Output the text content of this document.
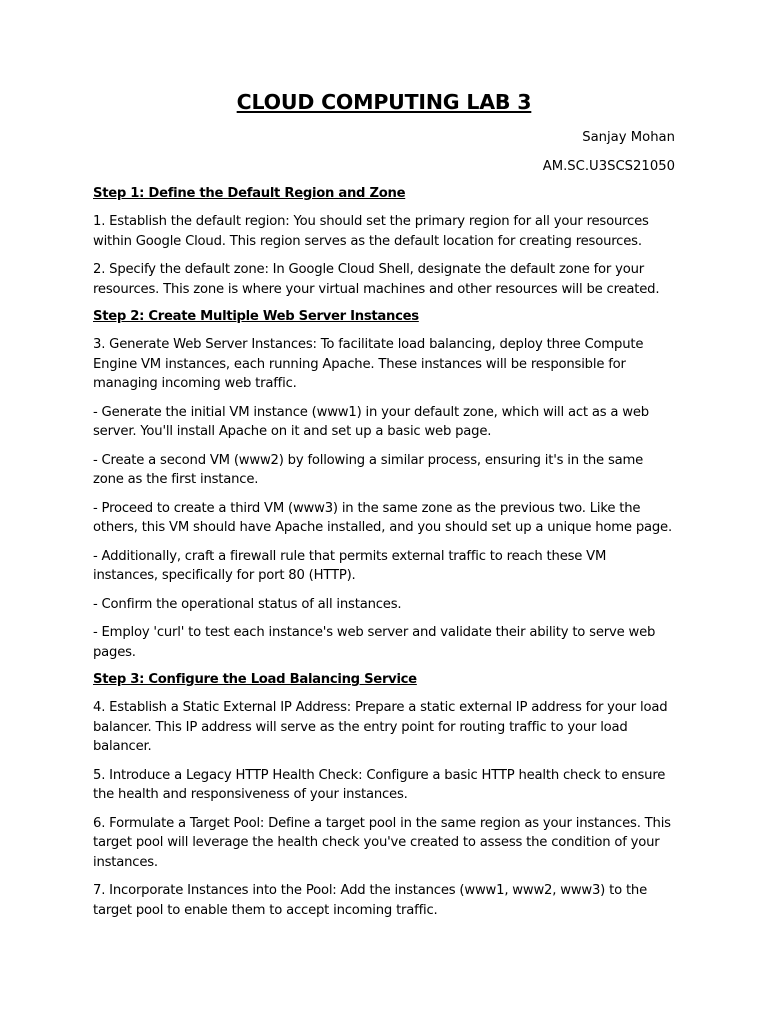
CLOUD COMPUTING LAB 3
Sanjay Mohan
AM.SC.U3SCS21050
Step 1: Define the Default Region and Zone

1. Establish the default region: You should set the primary region for all your resources within Google Cloud. This region serves as the default location for creating resources.

2. Specify the default zone: In Google Cloud Shell, designate the default zone for your resources. This zone is where your virtual machines and other resources will be created.

Step 2: Create Multiple Web Server Instances

3. Generate Web Server Instances: To facilitate load balancing, deploy three Compute Engine VM instances, each running Apache. These instances will be responsible for managing incoming web traffic.

- Generate the initial VM instance (www1) in your default zone, which will act as a web server. You'll install Apache on it and set up a basic web page.

- Create a second VM (www2) by following a similar process, ensuring it's in the same zone as the first instance.

- Proceed to create a third VM (www3) in the same zone as the previous two. Like the others, this VM should have Apache installed, and you should set up a unique home page.

- Additionally, craft a firewall rule that permits external traffic to reach these VM instances, specifically for port 80 (HTTP).

- Confirm the operational status of all instances.

- Employ 'curl' to test each instance's web server and validate their ability to serve web pages.

Step 3: Configure the Load Balancing Service

4. Establish a Static External IP Address: Prepare a static external IP address for your load balancer. This IP address will serve as the entry point for routing traffic to your load balancer.

5. Introduce a Legacy HTTP Health Check: Configure a basic HTTP health check to ensure the health and responsiveness of your instances.

6. Formulate a Target Pool: Define a target pool in the same region as your instances. This target pool will leverage the health check you've created to assess the condition of your instances.

7. Incorporate Instances into the Pool: Add the instances (www1, www2, www3) to the target pool to enable them to accept incoming traffic.
